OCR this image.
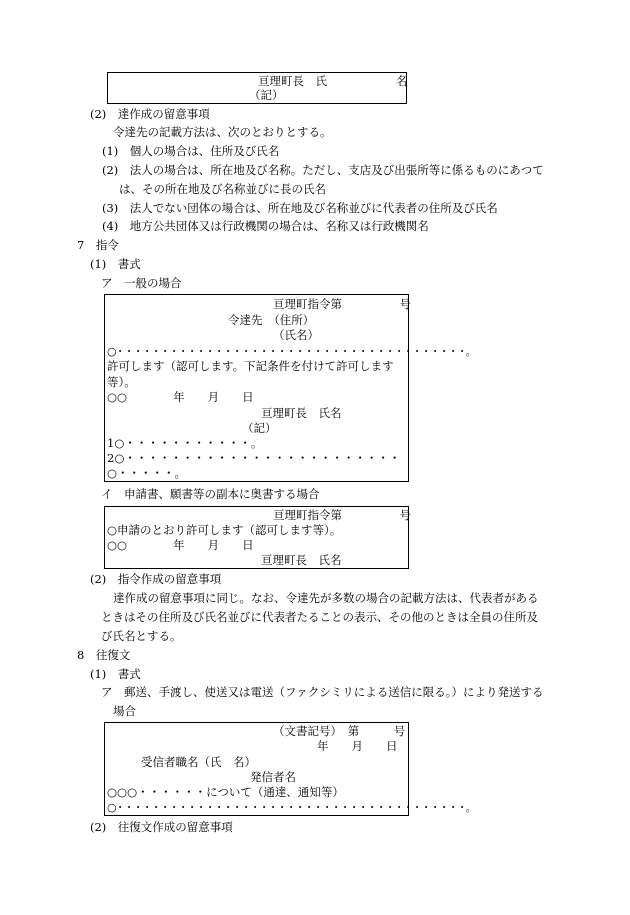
亘理町長　氏　　　　　　名
（記）
(2)　達作成の留意事項
令達先の記載方法は、次のとおりとする。
(1)　個人の場合は、住所及び氏名
(2)　法人の場合は、所在地及び名称。ただし、支店及び出張所等に係るものにあつて
は、その所在地及び名称並びに長の氏名
(3)　法人でない団体の場合は、所在地及び名称並びに代表者の住所及び氏名
(4)　地方公共団体又は行政機関の場合は、名称又は行政機関名
7　指令
(1)　書式
ア　一般の場合
亘理町指令第　　　　　号
令達先　（住所）
（氏名）
○・・・・・・・・・・・・・・・・・・・・・・・・・・・・・・・・・・・・・・・。
許可します（認可します。下記条件を付けて許可します
等）。
○○　　　　年　　月　　日
亘理町長　氏名
（記）
1○・・・・・・・・・・・。
2○・・・・・・・・・・・・・・・・・・・・・・・・
○・・・・・。
イ　申請書、願書等の副本に奥書する場合
亘理町指令第　　　　　号
○申請のとおり許可します（認可します等）。
○○　　　　年　　月　　日
亘理町長　氏名
(2)　指令作成の留意事項
達作成の留意事項に同じ。なお、令達先が多数の場合の記載方法は、代表者がある
ときはその住所及び氏名並びに代表者たることの表示、その他のときは全員の住所及
び氏名とする。
8　往復文
(1)　書式
ア　郵送、手渡し、使送又は電送（ファクシミリによる送信に限る。）により発送する
場合
（文書記号）　第　　　号
年　　月　　日
受信者職名（氏　名）
発信者名
○○○・・・・・・について（通達、通知等）
○・・・・・・・・・・・・・・・・・・・・・・・・・・・・・・・・・・・・・・・。
(2)　往復文作成の留意事項
